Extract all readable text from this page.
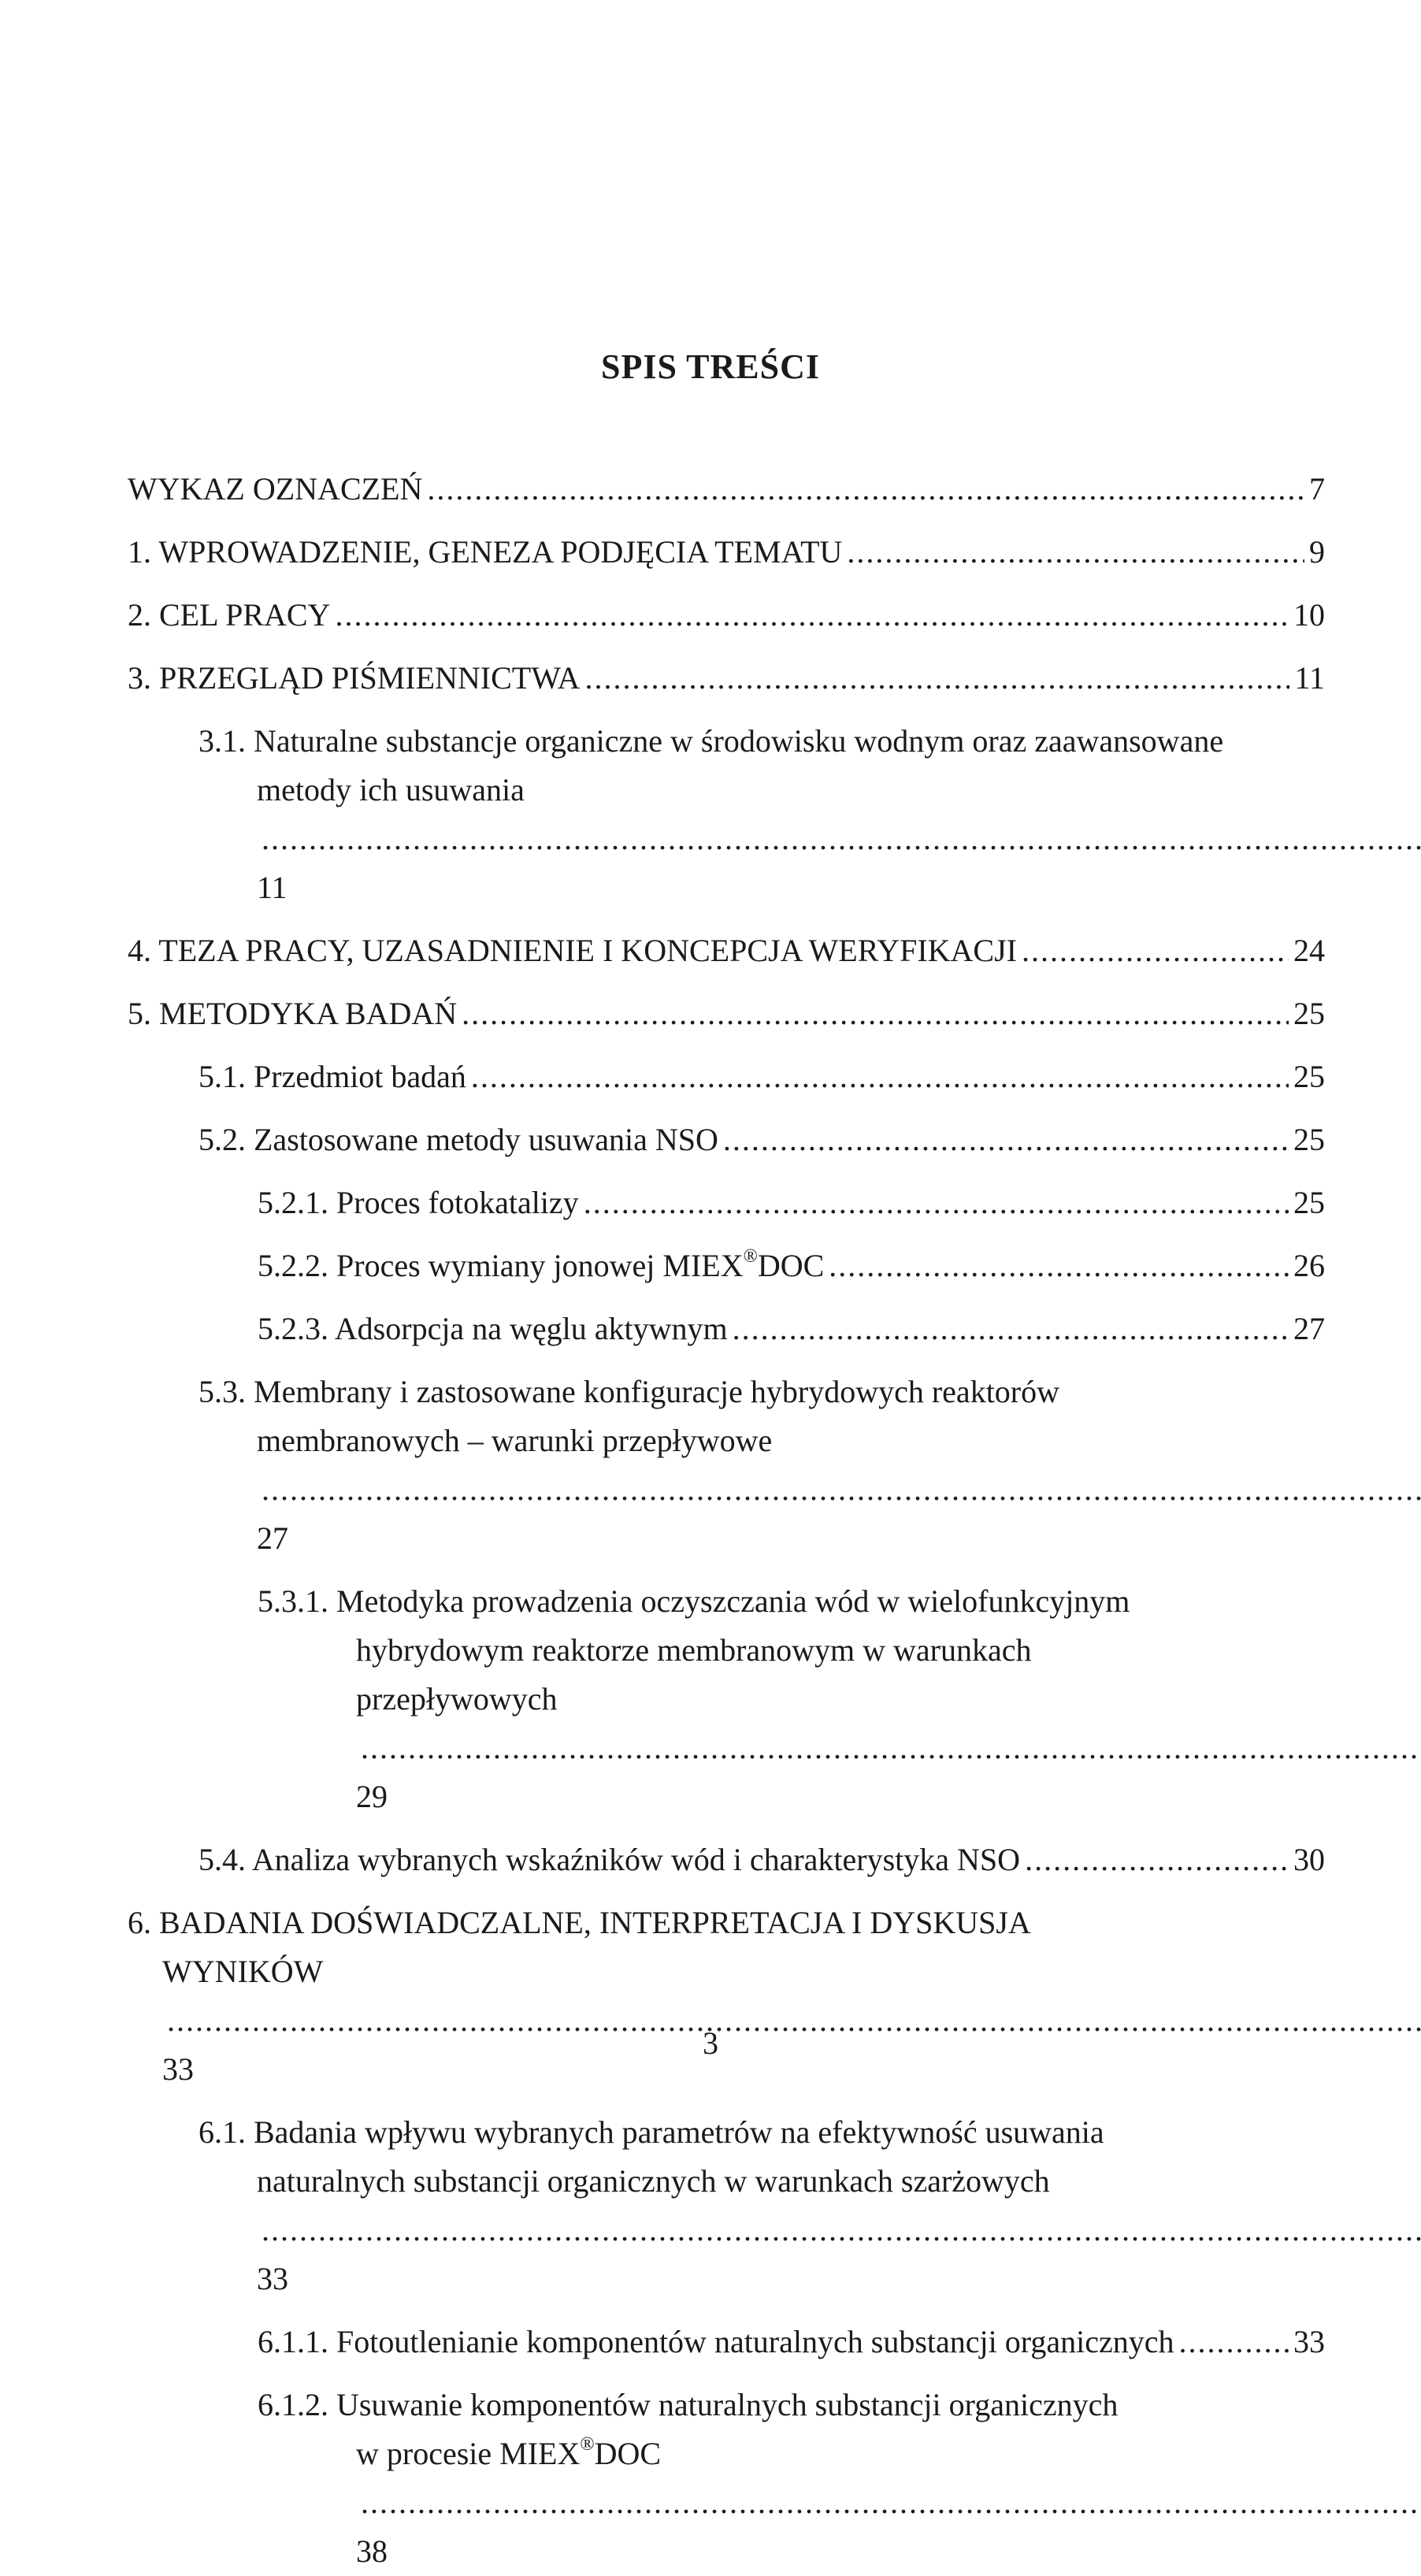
SPIS TREŚCI
WYKAZ OZNACZEŃ .....	7
1. WPROWADZENIE, GENEZA PODJĘCIA TEMATU .....	9
2. CEL PRACY .....	10
3. PRZEGLĄD PIŚMIENNICTWA .....	11
3.1. Naturalne substancje organiczne w środowisku wodnym oraz zaawansowane
metody ich usuwania ..... 11
4. TEZA PRACY, UZASADNIENIE I KONCEPCJA WERYFIKACJI .....	24
5. METODYKA BADAŃ .....	25
5.1. Przedmiot badań .....	25
5.2. Zastosowane metody usuwania NSO .....	25
5.2.1. Proces fotokatalizy .....	25
5.2.2. Proces wymiany jonowej MIEX®DOC .....	26
5.2.3. Adsorpcja na węglu aktywnym .....	27
5.3. Membrany i zastosowane konfiguracje hybrydowych reaktorów
membranowych – warunki przepływowe ..... 27
5.3.1. Metodyka prowadzenia oczyszczania wód w wielofunkcyjnym
hybrydowym reaktorze membranowym w warunkach
przepływowych ..... 29
5.4. Analiza wybranych wskaźników wód i charakterystyka NSO .....	30
6. BADANIA DOŚWIADCZALNE, INTERPRETACJA I DYSKUSJA
WYNIKÓW ..... 33
6.1. Badania wpływu wybranych parametrów na efektywność usuwania
naturalnych substancji organicznych w warunkach szarżowych ..... 33
6.1.1. Fotoutlenianie komponentów naturalnych substancji organicznych .....	33
6.1.2. Usuwanie komponentów naturalnych substancji organicznych
w procesie MIEX®DOC ..... 38
3
